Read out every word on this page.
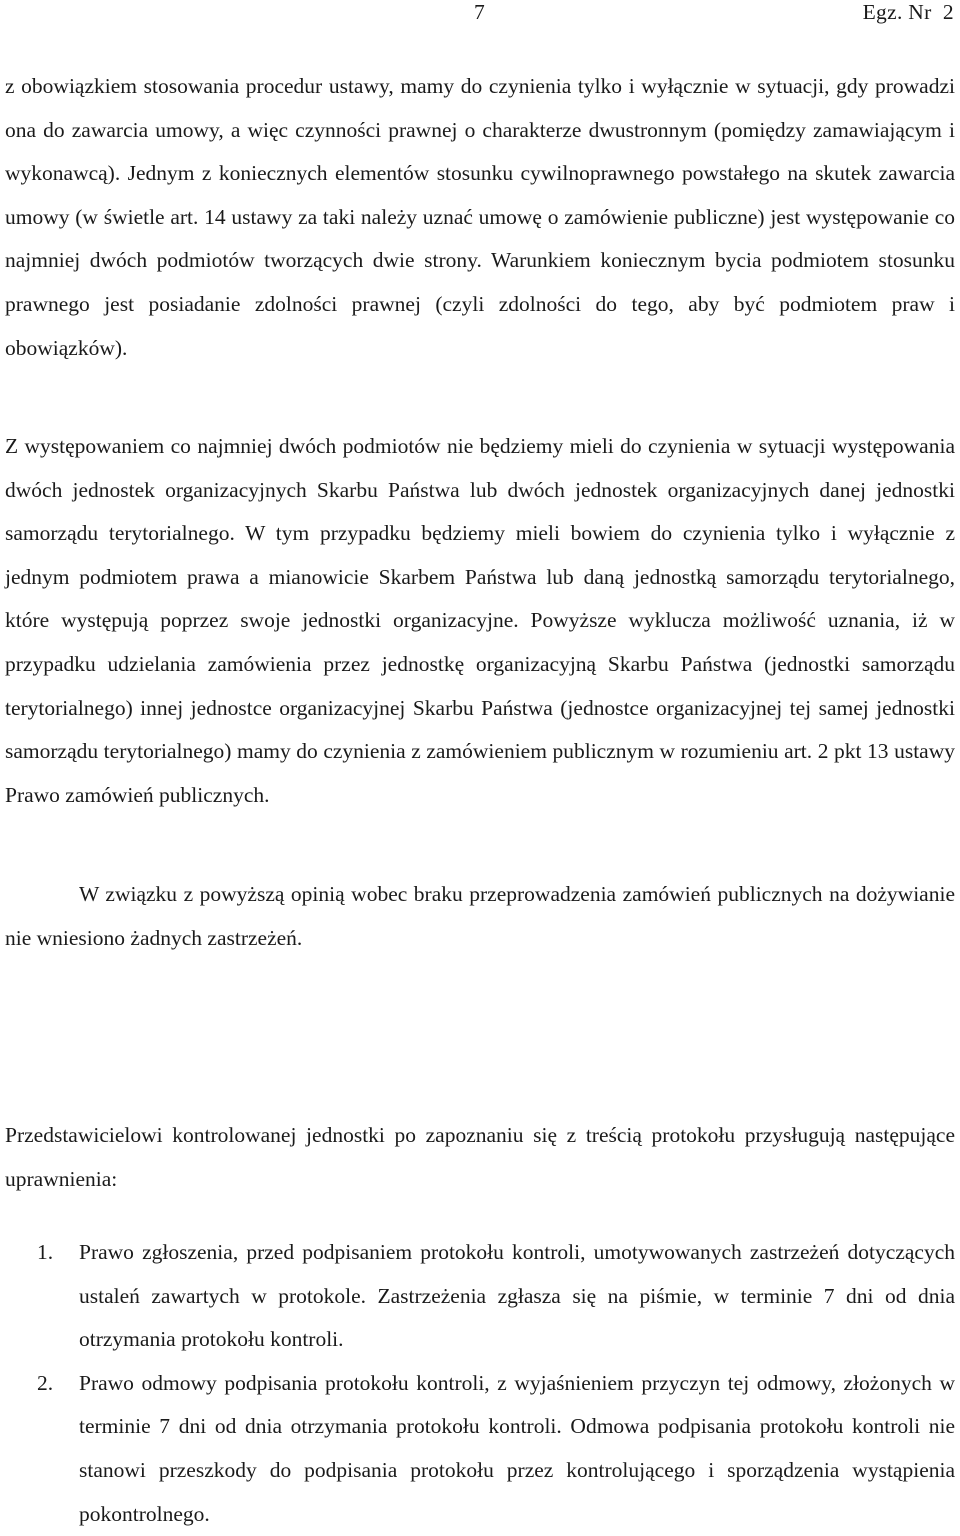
7	Egz. Nr  2

z obowiązkiem stosowania procedur ustawy, mamy do czynienia tylko i wyłącznie w sytuacji, gdy prowadzi ona do zawarcia umowy, a więc czynności prawnej o charakterze dwustronnym (pomiędzy zamawiającym i wykonawcą). Jednym z koniecznych elementów stosunku cywilnoprawnego powstałego na skutek zawarcia umowy (w świetle art. 14 ustawy za taki należy uznać umowę o zamówienie publiczne) jest występowanie co najmniej dwóch podmiotów tworzących dwie strony. Warunkiem koniecznym bycia podmiotem stosunku prawnego jest posiadanie zdolności prawnej (czyli zdolności do tego, aby być podmiotem praw i obowiązków).

Z występowaniem co najmniej dwóch podmiotów nie będziemy mieli do czynienia w sytuacji występowania dwóch jednostek organizacyjnych Skarbu Państwa lub dwóch jednostek organizacyjnych danej jednostki samorządu terytorialnego. W tym przypadku będziemy mieli bowiem do czynienia tylko i wyłącznie z jednym podmiotem prawa a mianowicie Skarbem Państwa lub daną jednostką samorządu terytorialnego, które występują poprzez swoje jednostki organizacyjne. Powyższe wyklucza możliwość uznania, iż w przypadku udzielania zamówienia przez jednostkę organizacyjną Skarbu Państwa (jednostki samorządu terytorialnego) innej jednostce organizacyjnej Skarbu Państwa (jednostce organizacyjnej tej samej jednostki samorządu terytorialnego) mamy do czynienia z zamówieniem publicznym w rozumieniu art. 2 pkt 13 ustawy Prawo zamówień publicznych.

W związku z powyższą opinią wobec braku przeprowadzenia zamówień publicznych na dożywianie nie wniesiono żadnych zastrzeżeń.

Przedstawicielowi kontrolowanej jednostki po zapoznaniu się z treścią protokołu przysługują następujące uprawnienia:

1. Prawo zgłoszenia, przed podpisaniem protokołu kontroli, umotywowanych zastrzeżeń dotyczących ustaleń zawartych w protokole. Zastrzeżenia zgłasza się na piśmie, w terminie 7 dni od dnia otrzymania protokołu kontroli.
2. Prawo odmowy podpisania protokołu kontroli, z wyjaśnieniem przyczyn tej odmowy, złożonych w terminie 7 dni od dnia otrzymania protokołu kontroli. Odmowa podpisania protokołu kontroli nie stanowi przeszkody do podpisania protokołu przez kontrolującego i sporządzenia wystąpienia pokontrolnego.
